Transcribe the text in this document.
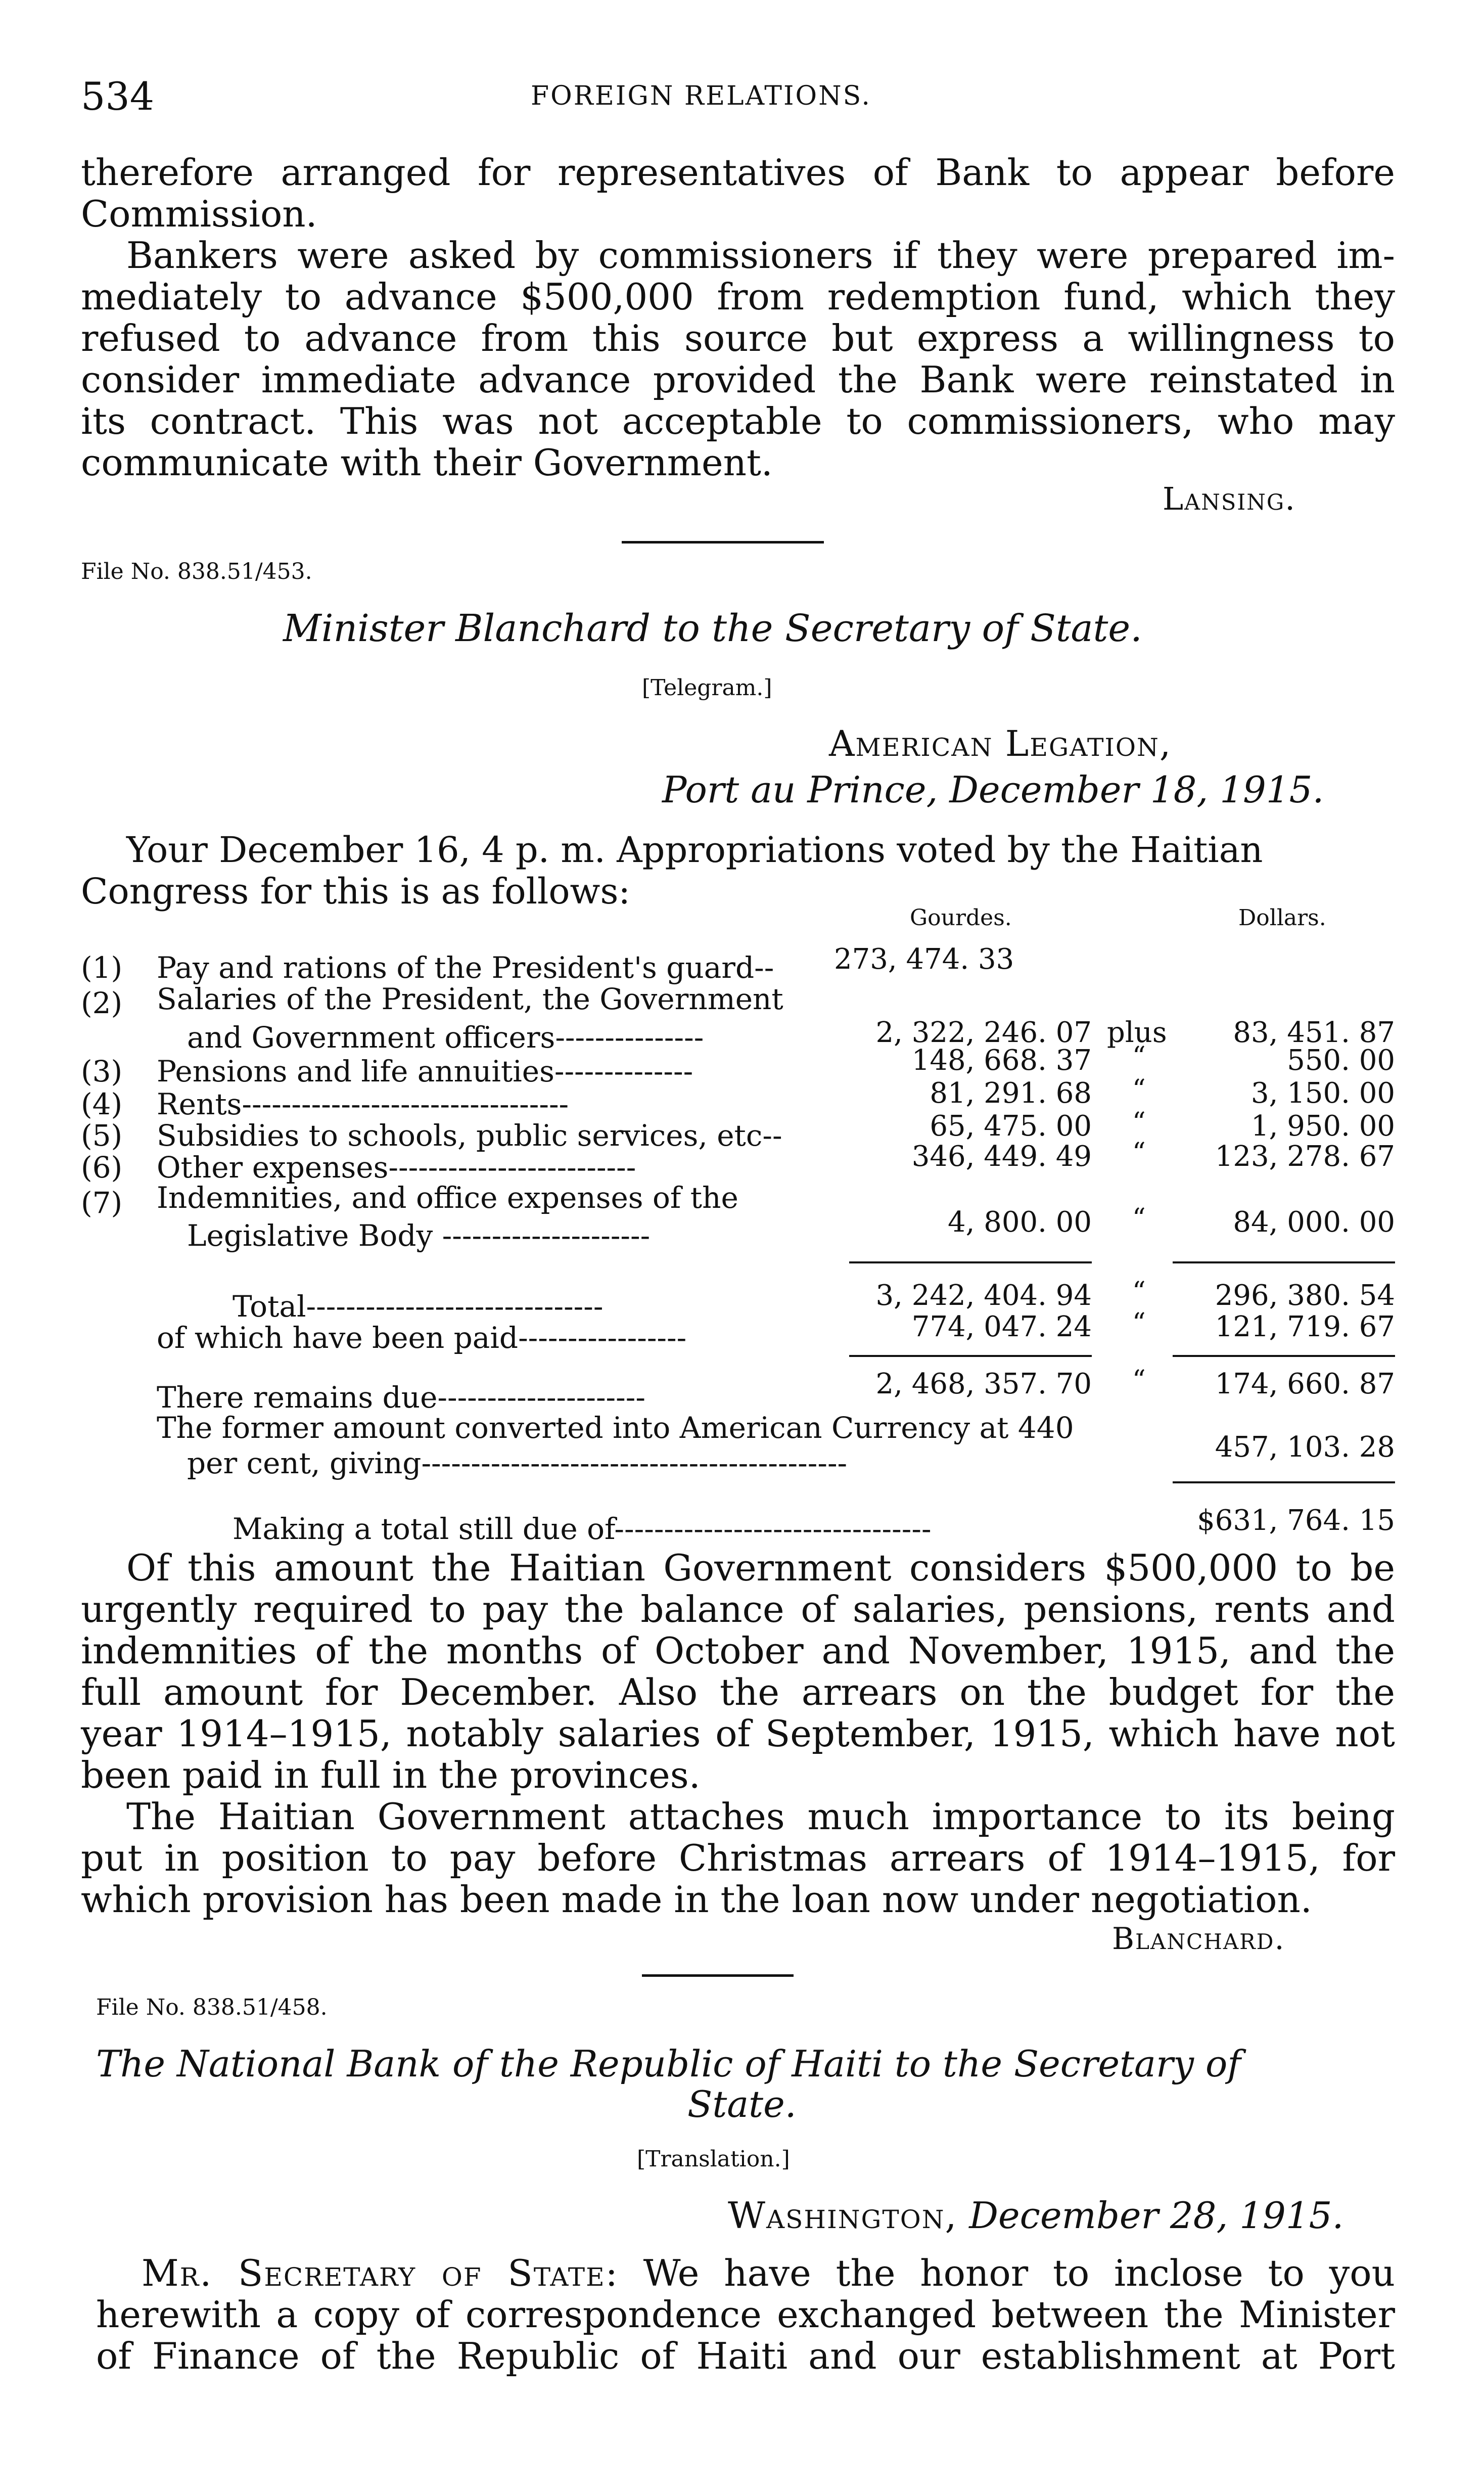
534	FOREIGN RELATIONS.
therefore arranged for representatives of Bank to appear before
Commission.
Bankers were asked by commissioners if they were prepared im-
mediately to advance $500,000 from redemption fund, which they
refused to advance from this source but express a willingness to
consider immediate advance provided the Bank were reinstated in
its contract. This was not acceptable to commissioners, who may
communicate with their Government.
Lansing.
File No. 838.51/453.
Minister Blanchard to the Secretary of State.
[Telegram.]
American Legation,
Port au Prince, December 18, 1915.
Your December 16, 4 p. m. Appropriations voted by the Haitian
Congress for this is as follows:
Gourdes.	Dollars.
(1) Pay and rations of the President's guard-- 273, 474. 33
(2) Salaries of the President, the Government
and Government officers---------------	2, 322, 246. 07 plus	83, 451. 87
(3) Pensions and life annuities--------------	148, 668. 37 “	550. 00
(4) Rents---------------------------------	81, 291. 68 “	3, 150. 00
(5) Subsidies to schools, public services, etc--	65, 475. 00 “	1, 950. 00
(6) Other expenses-------------------------	346, 449. 49 “	123, 278. 67
(7) Indemnities, and office expenses of the
Legislative Body ---------------------	4, 800. 00 “	84, 000. 00
Total------------------------------	3, 242, 404. 94 “	296, 380. 54
of which have been paid-----------------	774, 047. 24 “	121, 719. 67
There remains due---------------------	2, 468, 357. 70 “	174, 660. 87
The former amount converted into American Currency at 440
per cent, giving-------------------------------------------	457, 103. 28
Making a total still due of--------------------------------	$631, 764. 15
Of this amount the Haitian Government considers $500,000 to be
urgently required to pay the balance of salaries, pensions, rents and
indemnities of the months of October and November, 1915, and the
full amount for December. Also the arrears on the budget for the
year 1914–1915, notably salaries of September, 1915, which have not
been paid in full in the provinces.
The Haitian Government attaches much importance to its being
put in position to pay before Christmas arrears of 1914–1915, for
which provision has been made in the loan now under negotiation.
Blanchard.
File No. 838.51/458.
The National Bank of the Republic of Haiti to the Secretary of
State.
[Translation.]
Washington, December 28, 1915.
Mr. Secretary of State: We have the honor to inclose to you
herewith a copy of correspondence exchanged between the Minister
of Finance of the Republic of Haiti and our establishment at Port
